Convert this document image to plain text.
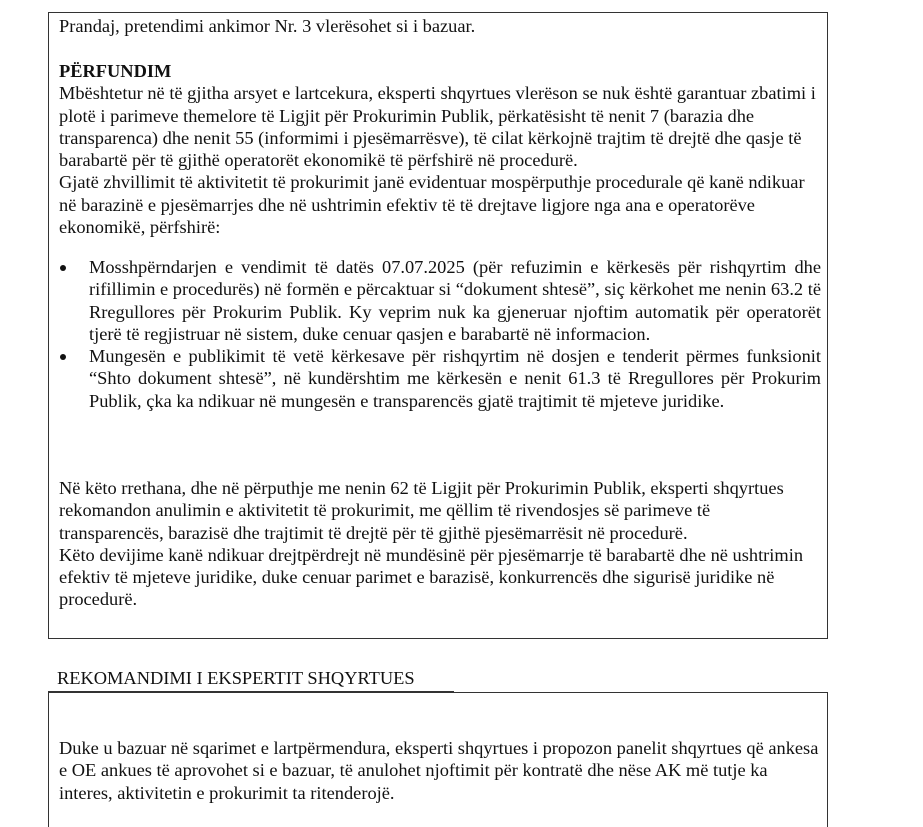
Prandaj, pretendimi ankimor Nr. 3 vlerësohet si i bazuar.

PËRFUNDIM

Mbështetur në të gjitha arsyet e lartcekura, eksperti shqyrtues vlerëson se nuk është garantuar zbatimi i plotë i parimeve themelore të Ligjit për Prokurimin Publik, përkatësisht të nenit 7 (barazia dhe transparenca) dhe nenit 55 (informimi i pjesëmarrësve), të cilat kërkojnë trajtim të drejtë dhe qasje të barabartë për të gjithë operatorët ekonomikë të përfshirë në procedurë.

Gjatë zhvillimit të aktivitetit të prokurimit janë evidentuar mospërputhje procedurale që kanë ndikuar në barazinë e pjesëmarrjes dhe në ushtrimin efektiv të të drejtave ligjore nga ana e operatorëve ekonomikë, përfshirë:

Mosshpërndarjen e vendimit të datës 07.07.2025 (për refuzimin e kërkesës për rishqyrtim dhe rifillimin e procedurës) në formën e përcaktuar si “dokument shtesë”, siç kërkohet me nenin 63.2 të Rregullores për Prokurim Publik. Ky veprim nuk ka gjeneruar njoftim automatik për operatorët tjerë të regjistruar në sistem, duke cenuar qasjen e barabartë në informacion.
Mungesën e publikimit të vetë kërkesave për rishqyrtim në dosjen e tenderit përmes funksionit “Shto dokument shtesë”, në kundërshtim me kërkesën e nenit 61.3 të Rregullores për Prokurim Publik, çka ka ndikuar në mungesën e transparencës gjatë trajtimit të mjeteve juridike.

Në këto rrethana, dhe në përputhje me nenin 62 të Ligjit për Prokurimin Publik, eksperti shqyrtues rekomandon anulimin e aktivitetit të prokurimit, me qëllim të rivendosjes së parimeve të transparencës, barazisë dhe trajtimit të drejtë për të gjithë pjesëmarrësit në procedurë.

Këto devijime kanë ndikuar drejtpërdrejt në mundësinë për pjesëmarrje të barabartë dhe në ushtrimin efektiv të mjeteve juridike, duke cenuar parimet e barazisë, konkurrencës dhe sigurisë juridike në procedurë.

REKOMANDIMI I EKSPERTIT SHQYRTUES

Duke u bazuar në sqarimet e lartpërmendura, eksperti shqyrtues i propozon panelit shqyrtues që ankesa e OE ankues të aprovohet si e bazuar, të anulohet njoftimit për kontratë dhe nëse AK më tutje ka interes, aktivitetin e prokurimit ta ritenderojë.
